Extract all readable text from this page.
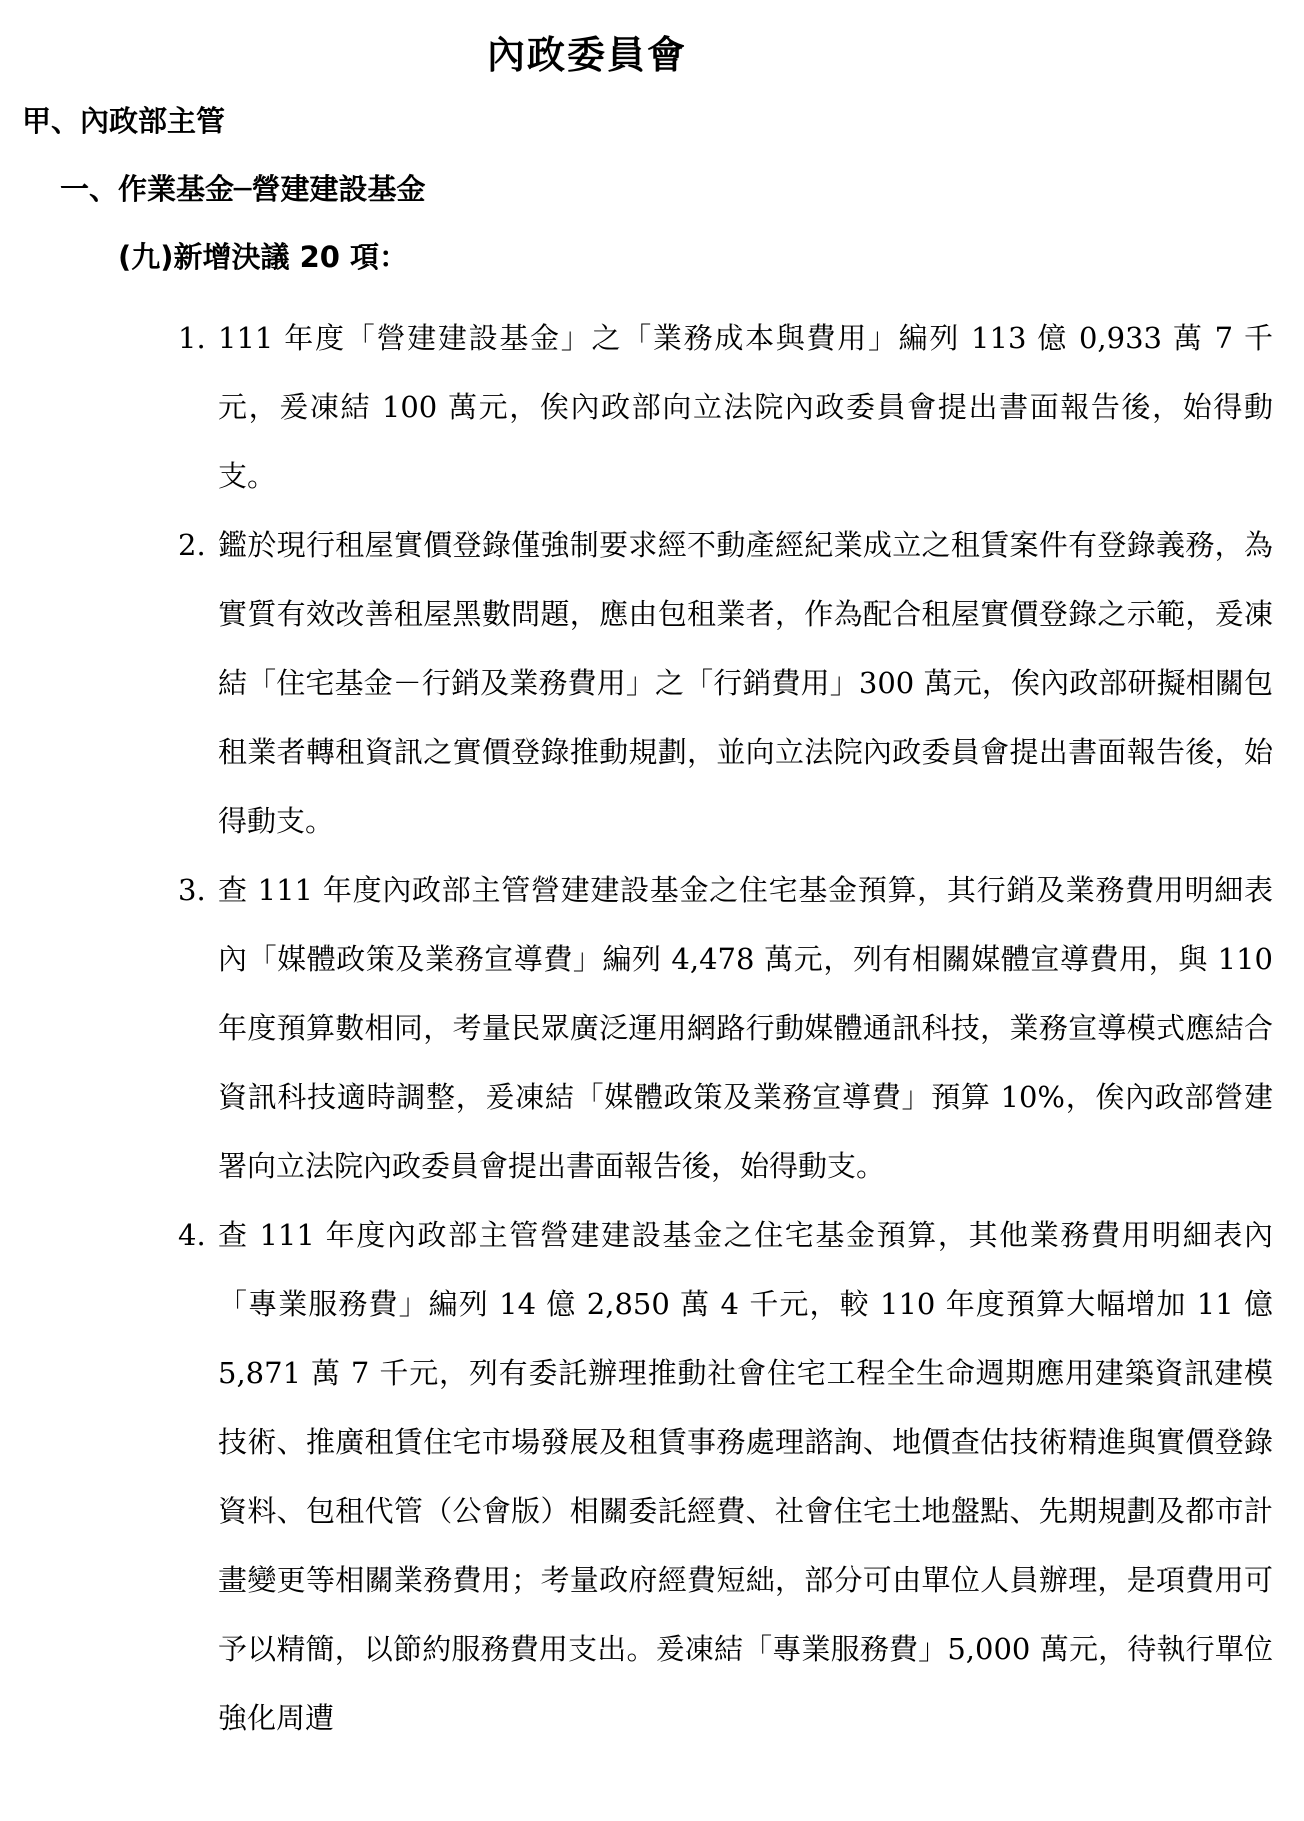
內政委員會
甲、內政部主管
一、作業基金─營建建設基金
(九)新增決議 20 項：
1. 111 年度「營建建設基金」之「業務成本與費用」編列 113 億 0,933 萬 7 千元，爰凍結 100 萬元，俟內政部向立法院內政委員會提出書面報告後，始得動支。
2. 鑑於現行租屋實價登錄僅強制要求經不動產經紀業成立之租賃案件有登錄義務，為實質有效改善租屋黑數問題，應由包租業者，作為配合租屋實價登錄之示範，爰凍結「住宅基金－行銷及業務費用」之「行銷費用」300 萬元，俟內政部研擬相關包租業者轉租資訊之實價登錄推動規劃，並向立法院內政委員會提出書面報告後，始得動支。
3. 查 111 年度內政部主管營建建設基金之住宅基金預算，其行銷及業務費用明細表內「媒體政策及業務宣導費」編列 4,478 萬元，列有相關媒體宣導費用，與 110 年度預算數相同，考量民眾廣泛運用網路行動媒體通訊科技，業務宣導模式應結合資訊科技適時調整，爰凍結「媒體政策及業務宣導費」預算 10%，俟內政部營建署向立法院內政委員會提出書面報告後，始得動支。
4. 查 111 年度內政部主管營建建設基金之住宅基金預算，其他業務費用明細表內「專業服務費」編列 14 億 2,850 萬 4 千元，較 110 年度預算大幅增加 11 億 5,871 萬 7 千元，列有委託辦理推動社會住宅工程全生命週期應用建築資訊建模技術、推廣租賃住宅市場發展及租賃事務處理諮詢、地價查估技術精進與實價登錄資料、包租代管（公會版）相關委託經費、社會住宅土地盤點、先期規劃及都市計畫變更等相關業務費用；考量政府經費短絀，部分可由單位人員辦理，是項費用可予以精簡，以節約服務費用支出。爰凍結「專業服務費」5,000 萬元，待執行單位強化周遭
